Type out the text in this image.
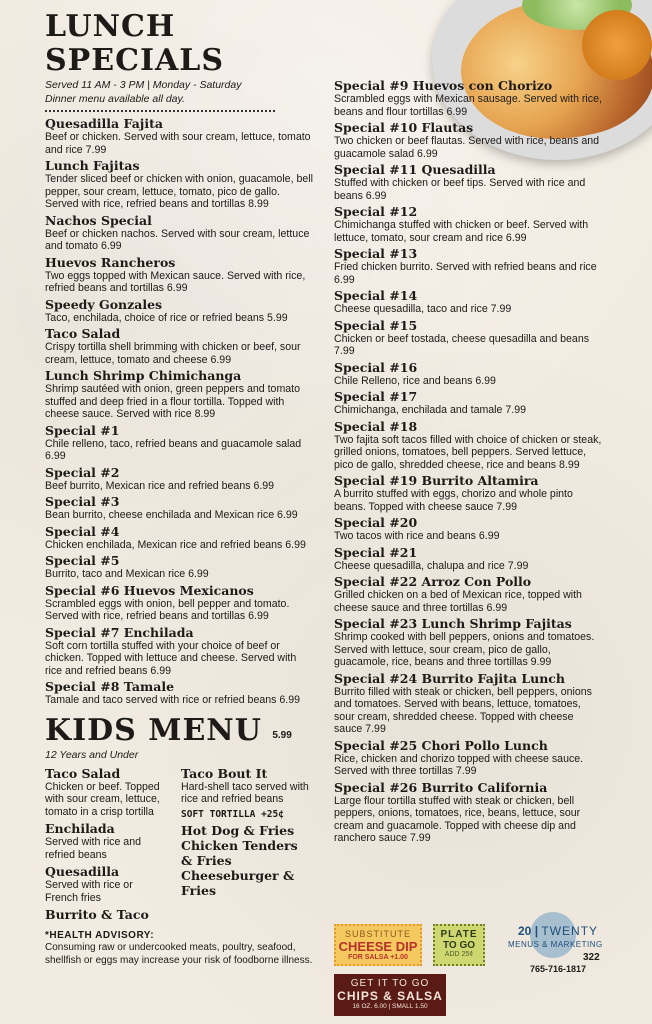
LUNCH SPECIALS
Served 11 AM - 3 PM | Monday - Saturday
Dinner menu available all day.
Quesadilla Fajita
Beef or chicken. Served with sour cream, lettuce, tomato and rice 7.99
Lunch Fajitas
Tender sliced beef or chicken with onion, guacamole, bell pepper, sour cream, lettuce, tomato, pico de gallo. Served with rice, refried beans and tortillas 8.99
Nachos Special
Beef or chicken nachos. Served with sour cream, lettuce and tomato 6.99
Huevos Rancheros
Two eggs topped with Mexican sauce. Served with rice, refried beans and tortillas 6.99
Speedy Gonzales
Taco, enchilada, choice of rice or refried beans 5.99
Taco Salad
Crispy tortilla shell brimming with chicken or beef, sour cream, lettuce, tomato and cheese 6.99
Lunch Shrimp Chimichanga
Shrimp sautéed with onion, green peppers and tomato stuffed and deep fried in a flour tortilla. Topped with cheese sauce. Served with rice 8.99
Special #1
Chile relleno, taco, refried beans and guacamole salad 6.99
Special #2
Beef burrito, Mexican rice and refried beans 6.99
Special #3
Bean burrito, cheese enchilada and Mexican rice 6.99
Special #4
Chicken enchilada, Mexican rice and refried beans 6.99
Special #5
Burrito, taco and Mexican rice 6.99
Special #6 Huevos Mexicanos
Scrambled eggs with onion, bell pepper and tomato. Served with rice, refried beans and tortillas 6.99
Special #7 Enchilada
Soft corn tortilla stuffed with your choice of beef or chicken. Topped with lettuce and cheese. Served with rice and refried beans 6.99
Special #8 Tamale
Tamale and taco served with rice or refried beans 6.99
KIDS MENU 5.99
12 Years and Under
Taco Salad
Chicken or beef. Topped with sour cream, lettuce, tomato in a crisp tortilla
Enchilada
Served with rice and refried beans
Quesadilla
Served with rice or French fries
Burrito & Taco
Taco Bout It
Hard-shell taco served with rice and refried beans
SOFT TORTILLA +25¢
Hot Dog & Fries
Chicken Tenders & Fries
Cheeseburger & Fries
*HEALTH ADVISORY:
Consuming raw or undercooked meats, poultry, seafood, shellfish or eggs may increase your risk of foodborne illness.
Special #9 Huevos con Chorizo
Scrambled eggs with Mexican sausage. Served with rice, beans and flour tortillas 6.99
Special #10 Flautas
Two chicken or beef flautas. Served with rice, beans and guacamole salad 6.99
Special #11 Quesadilla
Stuffed with chicken or beef tips. Served with rice and beans 6.99
Special #12
Chimichanga stuffed with chicken or beef. Served with lettuce, tomato, sour cream and rice 6.99
Special #13
Fried chicken burrito. Served with refried beans and rice 6.99
Special #14
Cheese quesadilla, taco and rice 7.99
Special #15
Chicken or beef tostada, cheese quesadilla and beans 7.99
Special #16
Chile Relleno, rice and beans 6.99
Special #17
Chimichanga, enchilada and tamale 7.99
Special #18
Two fajita soft tacos filled with choice of chicken or steak, grilled onions, tomatoes, bell peppers. Served lettuce, pico de gallo, shredded cheese, rice and beans 8.99
Special #19 Burrito Altamira
A burrito stuffed with eggs, chorizo and whole pinto beans. Topped with cheese sauce 7.99
Special #20
Two tacos with rice and beans 6.99
Special #21
Cheese quesadilla, chalupa and rice 7.99
Special #22 Arroz Con Pollo
Grilled chicken on a bed of Mexican rice, topped with cheese sauce and three tortillas 6.99
Special #23 Lunch Shrimp Fajitas
Shrimp cooked with bell peppers, onions and tomatoes. Served with lettuce, sour cream, pico de gallo, guacamole, rice, beans and three tortillas 9.99
Special #24 Burrito Fajita Lunch
Burrito filled with steak or chicken, bell peppers, onions and tomatoes. Served with beans, lettuce, tomatoes, sour cream, shredded cheese. Topped with cheese sauce 7.99
Special #25 Chori Pollo Lunch
Rice, chicken and chorizo topped with cheese sauce. Served with three tortillas 7.99
Special #26 Burrito California
Large flour tortilla stuffed with steak or chicken, bell peppers, onions, tomatoes, rice, beans, lettuce, sour cream and guacamole. Topped with cheese dip and ranchero sauce 7.99
SUBSTITUTE
CHEESE DIP
FOR SALSA +1.00
PLATE
TO GO
ADD 25¢
GET IT TO GO
CHIPS & SALSA
16 OZ. 6.00 | SMALL 1.50
20 | TWENTY
MENUS & MARKETING
322
765-716-1817
